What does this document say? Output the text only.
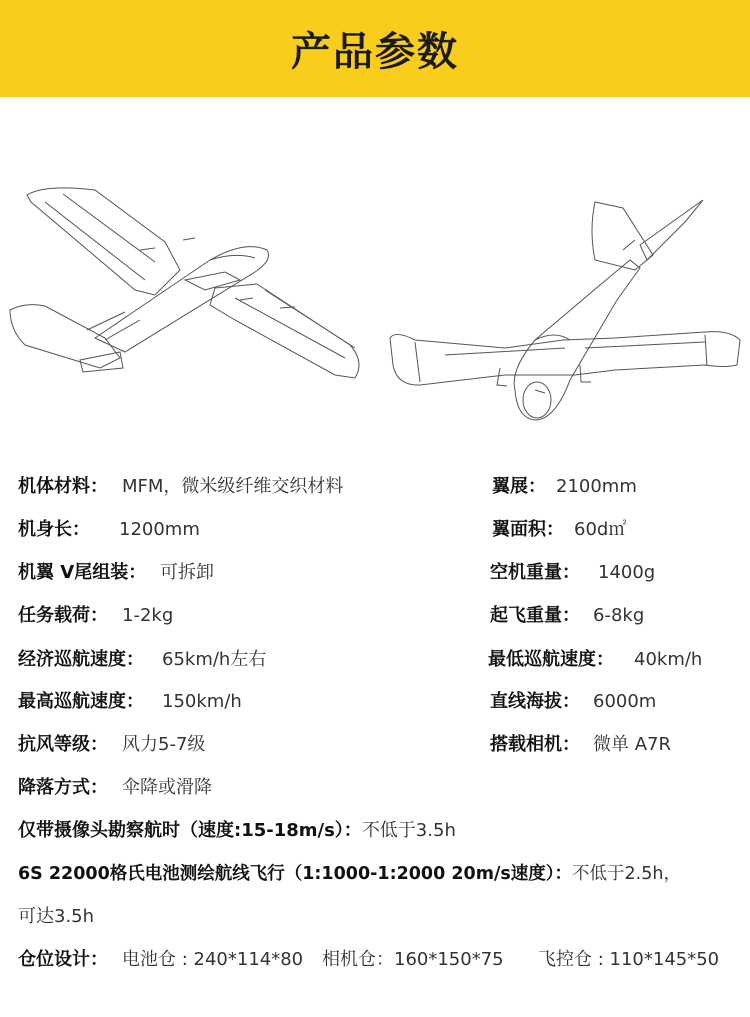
产品参数
机体材料： MFM，微米级纤维交织材料	翼展： 2100mm
机身长： 1200mm	翼面积： 60d㎡
机翼 V尾组装： 可拆卸	空机重量： 1400g
任务载荷： 1-2kg	起飞重量： 6-8kg
经济巡航速度： 65km/h左右	最低巡航速度： 40km/h
最高巡航速度： 150km/h	直线海拔： 6000m
抗风等级： 风力5-7级	搭载相机： 微单 A7R
降落方式： 伞降或滑降
仅带摄像头勘察航时（速度:15-18m/s）：不低于3.5h
6S 22000格氏电池测绘航线飞行（1:1000-1:2000 20m/s速度）：不低于2.5h，
可达3.5h
仓位设计： 电池仓 : 240*114*80 相机仓：160*150*75 飞控仓 : 110*145*50
